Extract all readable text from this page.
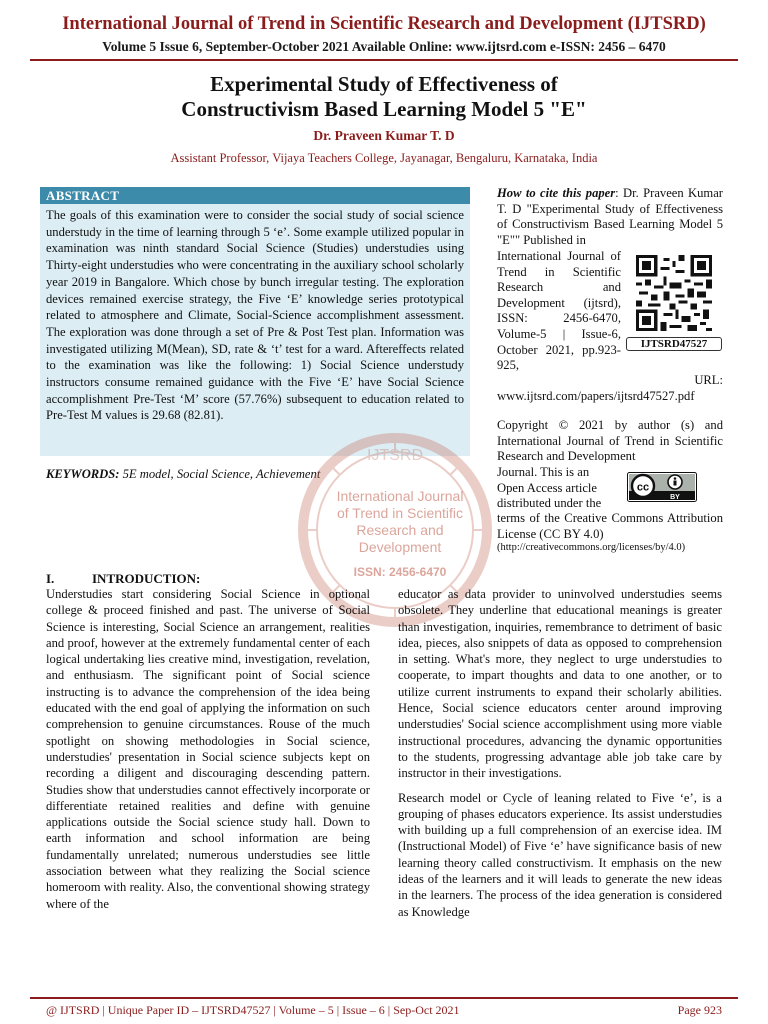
International Journal of Trend in Scientific Research and Development (IJTSRD)
Volume 5 Issue 6, September-October 2021 Available Online: www.ijtsrd.com e-ISSN: 2456 – 6470
Experimental Study of Effectiveness of
Constructivism Based Learning Model 5 "E"
Dr. Praveen Kumar T. D
Assistant Professor, Vijaya Teachers College, Jayanagar, Bengaluru, Karnataka, India
ABSTRACT
The goals of this examination were to consider the social study of social science understudy in the time of learning through 5 ‘e’. Some example utilized popular in examination was ninth standard Social Science (Studies) understudies using Thirty-eight understudies who were concentrating in the auxiliary school scholarly year 2019 in Bangalore. Which chose by bunch irregular testing. The exploration devices remained exercise strategy, the Five ‘E’ knowledge series prototypical related to atmosphere and Climate, Social-Science accomplishment assessment. The exploration was done through a set of Pre & Post Test plan. Information was investigated utilizing M(Mean), SD, rate & ‘t’ test for a ward. Aftereffects related to the examination was like the following: 1) Social Science understudy instructors consume remained guidance with the Five ‘E’ have Social Science accomplishment Pre-Test ‘M’ score (57.76%) subsequent to education related to Pre-Test M values is 29.68 (82.81).
KEYWORDS: 5E model, Social Science, Achievement
IJTSRD
International Journal
of Trend in Scientific
Research and
Development
ISSN: 2456-6470
How to cite this paper: Dr. Praveen Kumar T. D "Experimental Study of Effectiveness of Constructivism Based Learning Model 5 "E"" Published in
International Journal of Trend in Scientific Research and Development (ijtsrd), ISSN: 2456-6470, Volume-5 | Issue-6, October 2021, pp.923-925,
IJTSRD47527
URL:
www.ijtsrd.com/papers/ijtsrd47527.pdf
Copyright © 2021 by author (s) and International Journal of Trend in Scientific Research and Development
Journal. This is an Open Access article distributed under the
cc
BY
terms of the Creative Commons Attribution License (CC BY 4.0)
(http://creativecommons.org/licenses/by/4.0)
I.	INTRODUCTION:
Understudies start considering Social Science in optional college & proceed finished and past. The universe of Social Science is interesting, Social Science an arrangement, realities and proof, however at the extremely fundamental center of each logical undertaking lies creative mind, investigation, revelation, and enthusiasm. The significant point of Social science instructing is to advance the comprehension of the idea being educated with the end goal of applying the information on such comprehension to genuine circumstances. Rouse of the much spotlight on showing methodologies in Social science, understudies' presentation in Social science subjects kept on recording a diligent and discouraging descending pattern. Studies show that understudies cannot effectively incorporate or differentiate retained realities and define with genuine applications outside the Social science study hall. Down to earth information and school information are being fundamentally unrelated; numerous understudies see little association between what they realizing the Social science homeroom with reality. Also, the conventional showing strategy where of the

educator as data provider to uninvolved understudies seems obsolete. They underline that educational meanings is greater than investigation, inquiries, remembrance to detriment of basic idea, pieces, also snippets of data as opposed to comprehension in setting. What's more, they neglect to urge understudies to cooperate, to impart thoughts and data to one another, or to utilize current instruments to expand their scholarly abilities. Hence, Social science educators center around improving understudies' Social science accomplishment using more viable instructional procedures, advancing the dynamic opportunities to the students, progressing advantage able job take care by instructor in their investigations.

Research model or Cycle of leaning related to Five ‘e’, is a grouping of phases educators experience. Its assist understudies with building up a full comprehension of an exercise idea. IM (Instructional Model) of Five ‘e’ have significance basis of new learning theory called constructivism. It emphasis on the new ideas of the learners and it will leads to generate the new ideas in the learners. The process of the idea generation is considered as Knowledge

@ IJTSRD | Unique Paper ID – IJTSRD47527 | Volume – 5 | Issue – 6 | Sep-Oct 2021	Page 923
